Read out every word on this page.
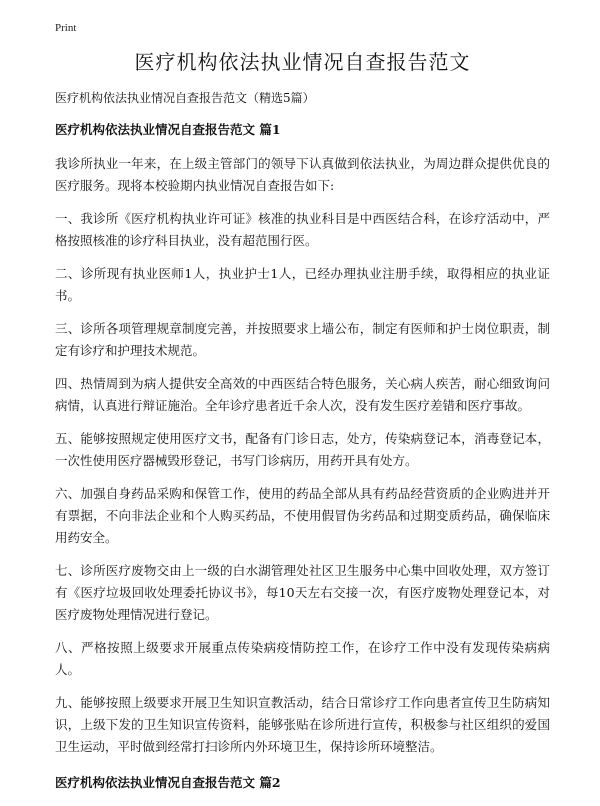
Print
医疗机构依法执业情况自查报告范文

医疗机构依法执业情况自查报告范文（精选5篇）

医疗机构依法执业情况自查报告范文 篇1

我诊所执业一年来，在上级主管部门的领导下认真做到依法执业，为周边群众提供优良的医疗服务。现将本校验期内执业情况自查报告如下:

一、我诊所《医疗机构执业许可证》核准的执业科目是中西医结合科，在诊疗活动中，严格按照核准的诊疗科目执业，没有超范围行医。

二、诊所现有执业医师1人，执业护士1人，已经办理执业注册手续，取得相应的执业证书。

三、诊所各项管理规章制度完善，并按照要求上墙公布，制定有医师和护士岗位职责，制定有诊疗和护理技术规范。

四、热情周到为病人提供安全高效的中西医结合特色服务，关心病人疾苦，耐心细致询问病情，认真进行辩证施治。全年诊疗患者近千余人次，没有发生医疗差错和医疗事故。

五、能够按照规定使用医疗文书，配备有门诊日志，处方，传染病登记本，消毒登记本，一次性使用医疗器械毁形登记，书写门诊病历，用药开具有处方。

六、加强自身药品采购和保管工作，使用的药品全部从具有药品经营资质的企业购进并开有票据，不向非法企业和个人购买药品，不使用假冒伪劣药品和过期变质药品，确保临床用药安全。

七、诊所医疗废物交由上一级的白水湖管理处社区卫生服务中心集中回收处理，双方签订有《医疗垃圾回收处理委托协议书》，每10天左右交接一次，有医疗废物处理登记本，对医疗废物处理情况进行登记。

八、严格按照上级要求开展重点传染病疫情防控工作，在诊疗工作中没有发现传染病病人。

九、能够按照上级要求开展卫生知识宣教活动，结合日常诊疗工作向患者宣传卫生防病知识，上级下发的卫生知识宣传资料，能够张贴在诊所进行宣传，积极参与社区组织的爱国卫生运动，平时做到经常打扫诊所内外环境卫生，保持诊所环境整洁。

医疗机构依法执业情况自查报告范文 篇2
